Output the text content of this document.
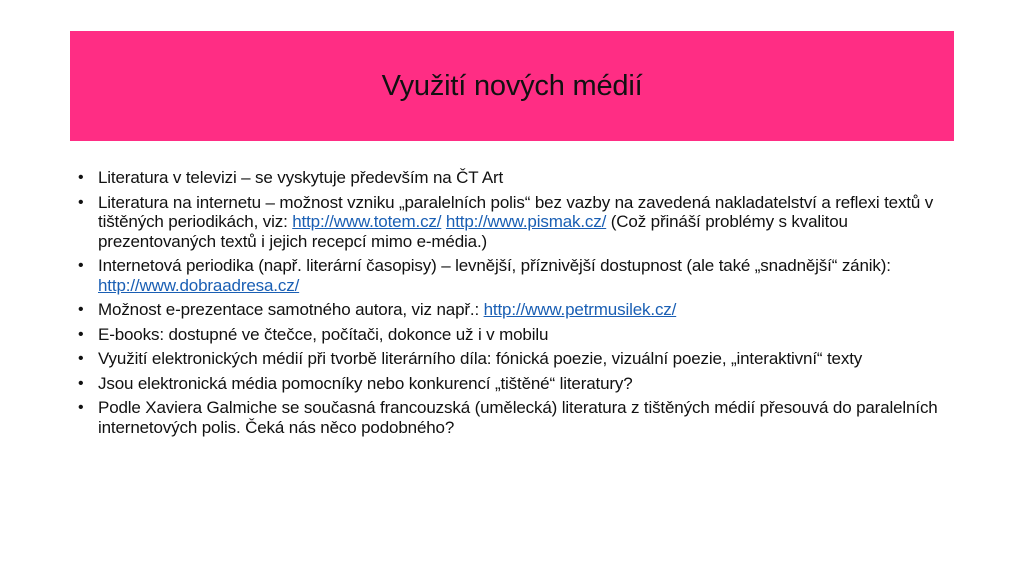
Využití nových médií
• Literatura v televizi – se vyskytuje především na ČT Art
• Literatura na internetu – možnost vzniku „paralelních polis“ bez vazby na zavedená nakladatelství a reflexi textů v tištěných periodikách, viz: http://www.totem.cz/ http://www.pismak.cz/ (Což přináší problémy s kvalitou prezentovaných textů i jejich recepcí mimo e-média.)
• Internetová periodika (např. literární časopisy) – levnější, příznivější dostupnost (ale také „snadnější“ zánik): http://www.dobraadresa.cz/
• Možnost e-prezentace samotného autora, viz např.: http://www.petrmusilek.cz/
• E-books: dostupné ve čtečce, počítači, dokonce už i v mobilu
• Využití elektronických médií při tvorbě literárního díla: fónická poezie, vizuální poezie, „interaktivní“ texty
• Jsou elektronická média pomocníky nebo konkurencí „tištěné“ literatury?
• Podle Xaviera Galmiche se současná francouzská (umělecká) literatura z tištěných médií přesouvá do paralelních internetových polis. Čeká nás něco podobného?
